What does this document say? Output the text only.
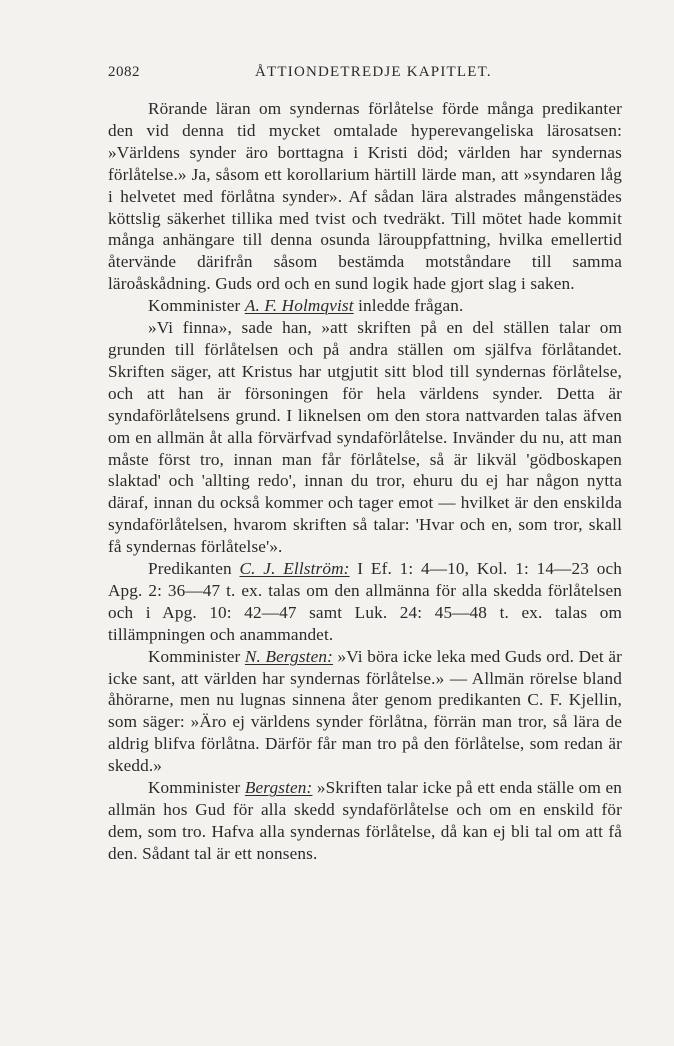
2082	ÅTTIONDETREDJE KAPITLET.

Rörande läran om syndernas förlåtelse förde många predikanter den vid denna tid mycket omtalade hyperevangeliska lärosatsen: »Världens synder äro borttagna i Kristi död; världen har syndernas förlåtelse.» Ja, såsom ett korollarium härtill lärde man, att »syndaren låg i helvetet med förlåtna synder». Af sådan lära alstrades mångenstädes köttslig säkerhet tillika med tvist och tvedräkt. Till mötet hade kommit många anhängare till denna osunda lärouppfattning, hvilka emellertid återvände därifrån såsom bestämda motståndare till samma läroåskådning. Guds ord och en sund logik hade gjort slag i saken.

Komminister A. F. Holmqvist inledde frågan.

»Vi finna», sade han, »att skriften på en del ställen talar om grunden till förlåtelsen och på andra ställen om själfva förlåtandet. Skriften säger, att Kristus har utgjutit sitt blod till syndernas förlåtelse, och att han är försoningen för hela världens synder. Detta är syndaförlåtelsens grund. I liknelsen om den stora nattvarden talas äfven om en allmän åt alla förvärfvad syndaförlåtelse. Invänder du nu, att man måste först tro, innan man får förlåtelse, så är likväl 'gödboskapen slaktad' och 'allting redo', innan du tror, ehuru du ej har någon nytta däraf, innan du också kommer och tager emot — hvilket är den enskilda syndaförlåtelsen, hvarom skriften så talar: 'Hvar och en, som tror, skall få syndernas förlåtelse'».

Predikanten C. J. Ellström: I Ef. 1: 4—10, Kol. 1: 14—23 och Apg. 2: 36—47 t. ex. talas om den allmänna för alla skedda förlåtelsen och i Apg. 10: 42—47 samt Luk. 24: 45—48 t. ex. talas om tillämpningen och anammandet.

Komminister N. Bergsten: »Vi böra icke leka med Guds ord. Det är icke sant, att världen har syndernas förlåtelse.» — Allmän rörelse bland åhörarne, men nu lugnas sinnena åter genom predikanten C. F. Kjellin, som säger: »Äro ej världens synder förlåtna, förrän man tror, så lära de aldrig blifva förlåtna. Därför får man tro på den förlåtelse, som redan är skedd.»

Komminister Bergsten: »Skriften talar icke på ett enda ställe om en allmän hos Gud för alla skedd syndaförlåtelse och om en enskild för dem, som tro. Hafva alla syndernas förlåtelse, då kan ej bli tal om att få den. Sådant tal är ett nonsens.
